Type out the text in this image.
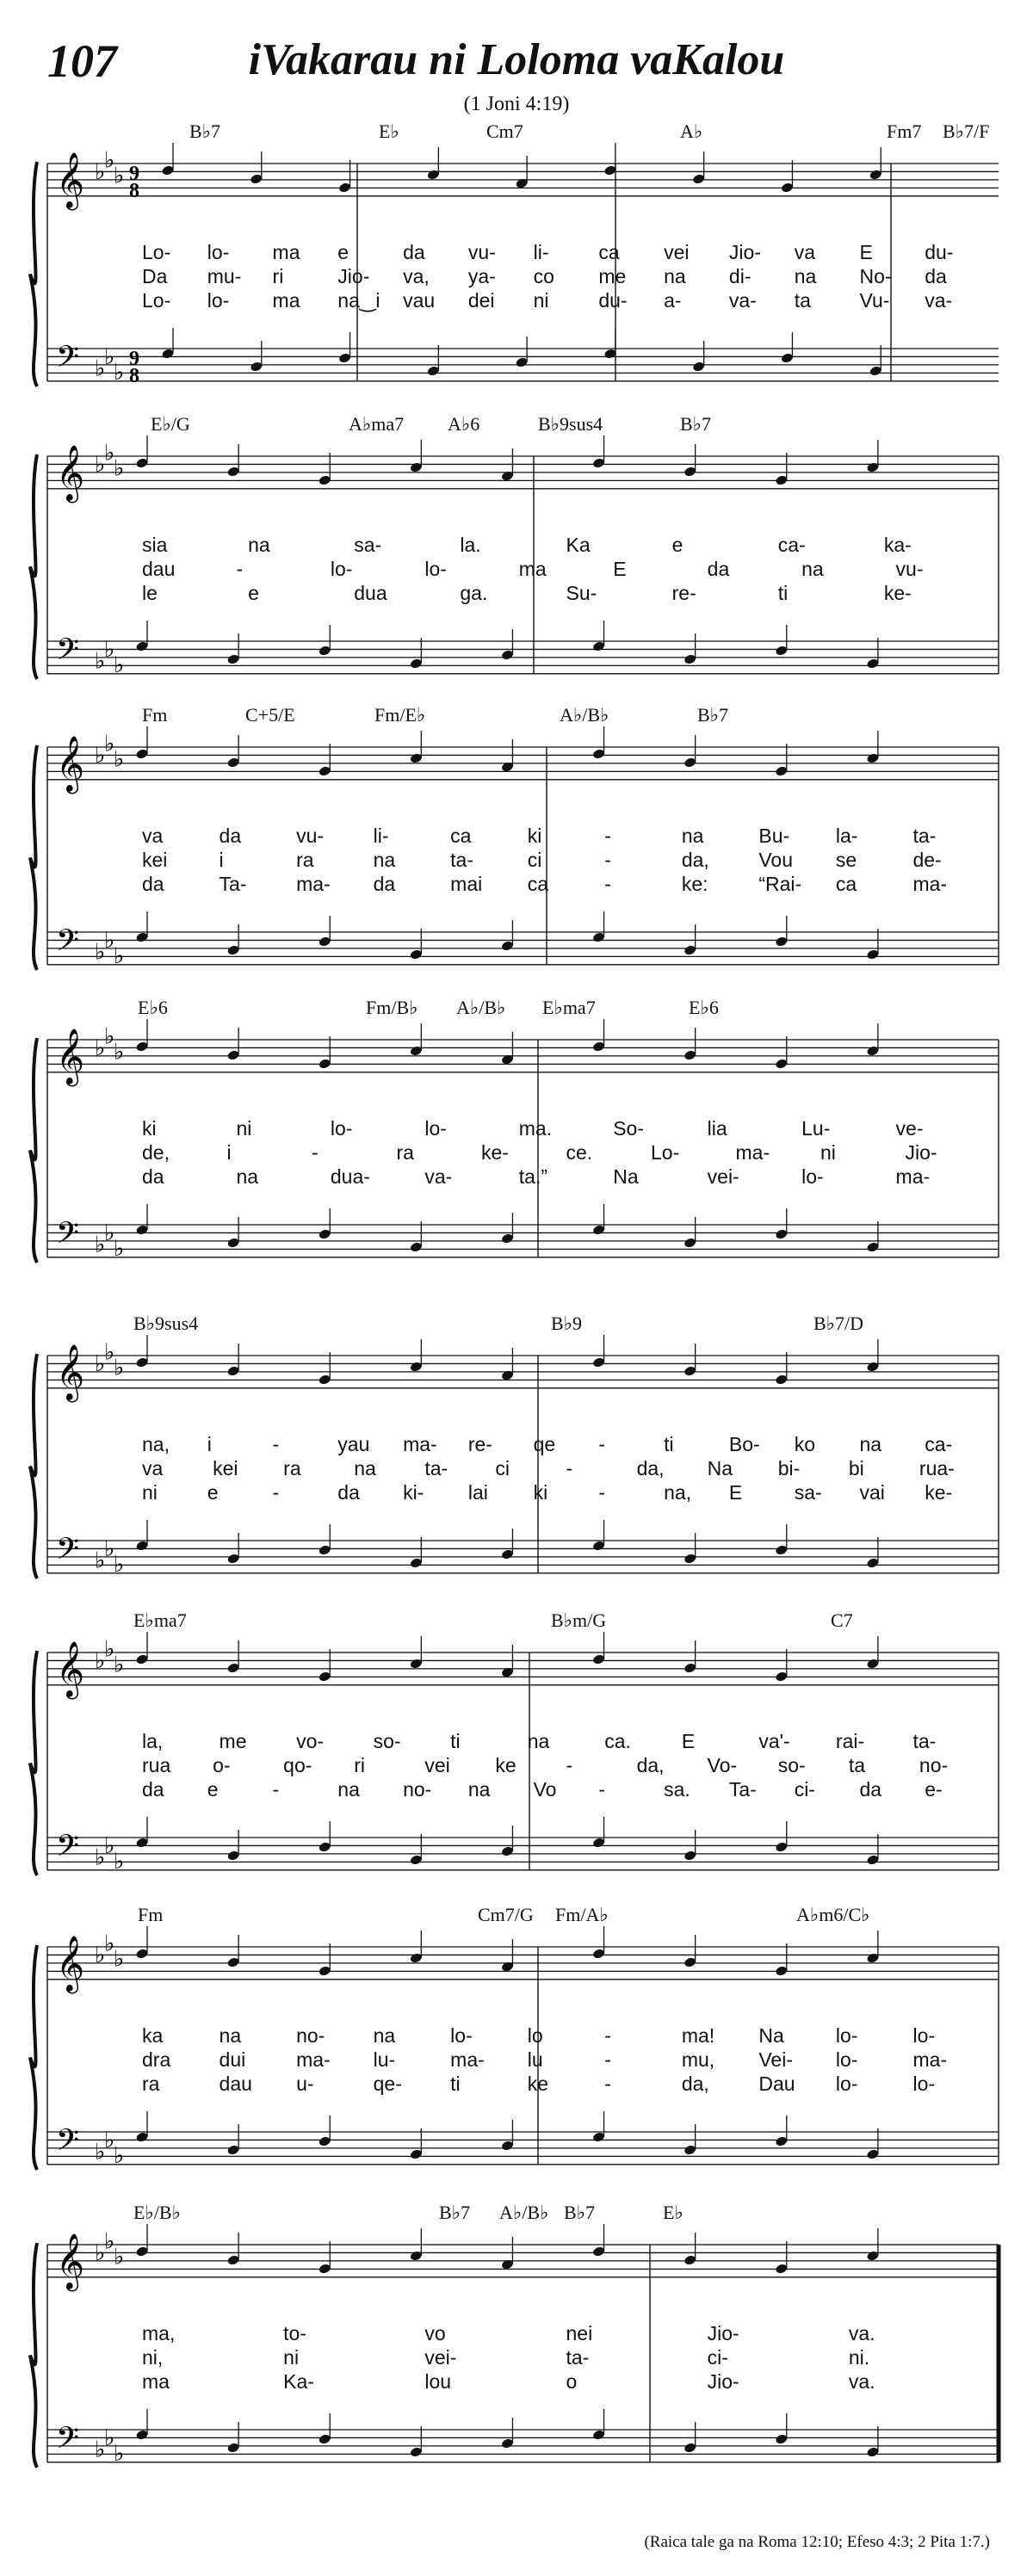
107	iVakarau ni Loloma vaKalou
(1 Joni 4:19)
𝄞
𝄢
♭
♭
♭
♭
♭
♭
9
8
9
8
B♭7	E♭	Cm7	A♭	Fm7 B♭7/F
Lo- lo- ma e	da vu- li-	ca vei Jio- va E	du-
Da mu- ri	Jio- va, ya- co me na di- na No- da
Lo- lo- ma na‿i vau dei ni	du- a- va- ta Vu- va-
𝄞
𝄢
♭
♭
♭
♭
♭
♭
E♭/G	A♭ma7 A♭6	B♭9sus4	B♭7
sia	na	sa-	la.	Ka	e	ca-	ka-
dau	-	lo-	lo-	ma	E	da	na	vu-
le	e	dua	ga.	Su-	re-	ti	ke-
𝄞
𝄢
♭
♭
♭
♭
♭
♭
Fm	C+5/E	Fm/E♭	A♭/B♭	B♭7
va	da	vu-	li-	ca	ki	-	na	Bu- la-	ta-
kei	i	ra	na	ta-	ci	-	da,	Vou se	de-
da	Ta-	ma- da	mai ca	-	ke:	“Rai- ca	ma-
𝄞
𝄢
♭
♭
♭
♭
♭
♭
E♭6	Fm/B♭ A♭/B♭ E♭ma7	E♭6
ki	ni	lo-	lo-	ma.	So-	lia	Lu-	ve-
de,	i	-	ra	ke-	ce.	Lo-	ma-	ni	Jio-
da	na	dua-	va-	ta.”	Na	vei-	lo-	ma-
𝄞
𝄢
♭
♭
♭
♭
♭
♭
B♭9sus4	B♭9	B♭7/D
na, i	-	yau ma- re- qe -	ti	Bo- ko na ca-
va	kei ra	na ta- ci	-	da, Na bi- bi	rua-
ni	e	-	da ki- lai ki	-	na, E	sa- vai ke-
𝄞
𝄢
♭
♭
♭
♭
♭
♭
E♭ma7	B♭m/G	C7
la,	me	vo-	so-	ti	na	ca.	E	va'- rai- ta-
rua o-	qo- ri	vei ke	-	da, Vo- so- ta	no-
da e	-	na no- na Vo -	sa. Ta- ci- da e-
𝄞
𝄢
♭
♭
♭
♭
♭
♭
Fm	Cm7/G Fm/A♭	A♭m6/C♭
ka	na	no- na	lo-	lo	-	ma! Na	lo-	lo-
dra dui	ma- lu-	ma- lu	-	mu, Vei- lo-	ma-
ra	dau u-	qe- ti	ke	-	da,	Dau lo-	lo-
𝄞
𝄢
♭
♭
♭
♭
♭
♭
E♭/B♭	B♭7 A♭/B♭ B♭7	E♭
ma,	to-	vo	nei	Jio-	va.
ni,	ni	vei-	ta-	ci-	ni.
ma	Ka-	lou	o	Jio-	va.
(Raica tale ga na Roma 12:10; Efeso 4:3; 2 Pita 1:7.)
